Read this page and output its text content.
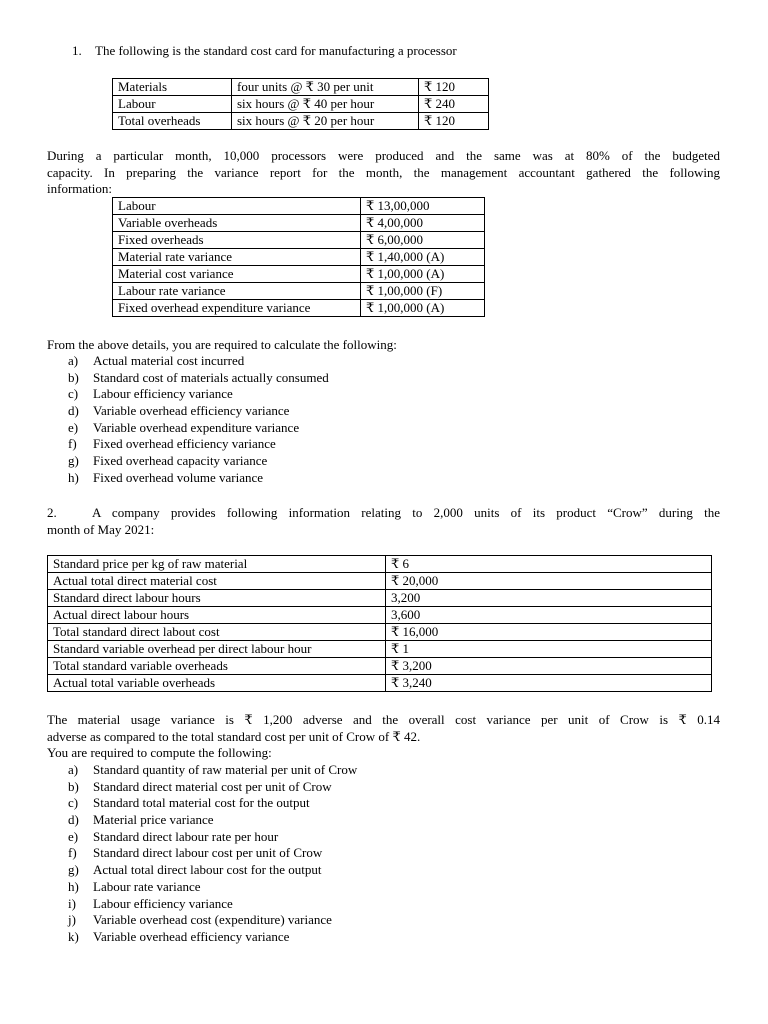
1. The following is the standard cost card for manufacturing a processor
Materials	four units @ ₹ 30 per unit	₹ 120
Labour	six hours @ ₹ 40 per hour	₹ 240
Total overheads	six hours @ ₹ 20 per hour	₹ 120
During a particular month, 10,000 processors were produced and the same was at 80% of the budgeted
capacity. In preparing the variance report for the month, the management accountant gathered the following
information:
Labour	₹ 13,00,000
Variable overheads	₹ 4,00,000
Fixed overheads	₹ 6,00,000
Material rate variance	₹ 1,40,000 (A)
Material cost variance	₹ 1,00,000 (A)
Labour rate variance	₹ 1,00,000 (F)
Fixed overhead expenditure variance	₹ 1,00,000 (A)
From the above details, you are required to calculate the following:
a) Actual material cost incurred
b) Standard cost of materials actually consumed
c) Labour efficiency variance
d) Variable overhead efficiency variance
e) Variable overhead expenditure variance
f) Fixed overhead efficiency variance
g) Fixed overhead capacity variance
h) Fixed overhead volume variance
2.	A company provides following information relating to 2,000 units of its product “Crow” during the
month of May 2021:
Standard price per kg of raw material	₹ 6
Actual total direct material cost	₹ 20,000
Standard direct labour hours	3,200
Actual direct labour hours	3,600
Total standard direct labout cost	₹ 16,000
Standard variable overhead per direct labour hour	₹ 1
Total standard variable overheads	₹ 3,200
Actual total variable overheads	₹ 3,240
The material usage variance is ₹ 1,200 adverse and the overall cost variance per unit of Crow is ₹ 0.14
adverse as compared to the total standard cost per unit of Crow of ₹ 42.
You are required to compute the following:
a) Standard quantity of raw material per unit of Crow
b) Standard direct material cost per unit of Crow
c) Standard total material cost for the output
d) Material price variance
e) Standard direct labour rate per hour
f) Standard direct labour cost per unit of Crow
g) Actual total direct labour cost for the output
h) Labour rate variance
i) Labour efficiency variance
j) Variable overhead cost (expenditure) variance
k) Variable overhead efficiency variance
